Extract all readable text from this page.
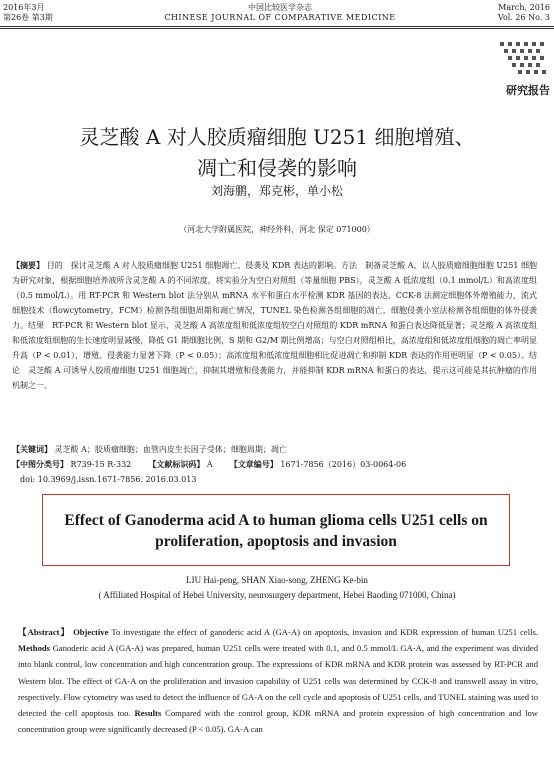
2016年3月
第26卷 第3期
中国比较医学杂志
CHINESE JOURNAL OF COMPARATIVE MEDICINE
March, 2016
Vol. 26 No. 3
研究报告
灵芝酸 A 对人胶质瘤细胞 U251 细胞增殖、
凋亡和侵袭的影响
刘海鹏，郑克彬，单小松
（河北大学附属医院，神经外科，河北 保定 071000）
【摘要】 目的　探讨灵芝酸 A 对人胶质瘤细胞 U251 细胞凋亡、侵袭及 KDR 表达的影响。方法　制备灵芝酸 A，以人胶质瘤细胞细胞 U251 细胞为研究对象，根据细胞培养液所含灵芝酸 A 的不同浓度，将实验分为空白对照组（等量细胞 PBS），灵芝酸 A 低浓度组（0.1 mmol/L）和高浓度组（0.5 mmol/L）。用 RT-PCR 和 Western blot 法分别从 mRNA 水平和蛋白水平检测 KDR 基因的表达，CCK-8 法测定细胞体外增殖能力，流式细胞技术（flowcytometry，FCM）检测各组细胞周期和凋亡情况，TUNEL 染色检测各组细胞的凋亡，细胞侵袭小室法检测各组细胞的体外侵袭力。结果　RT-PCR 和 Western blot 显示，灵芝酸 A 高浓度组和低浓度组较空白对照组的 KDR mRNA 和蛋白表达降低显著；灵芝酸 A 高浓度组和低浓度组细胞的生长速度明显减慢，降低 G1 期细胞比例，S 期和 G2/M 期比例增高；与空白对照组相比，高浓度组和低浓度组细胞的凋亡率明显升高（P < 0.01），增殖、侵袭能力显著下降（P < 0.05）；高浓度组和低浓度组细胞相比促进凋亡和抑制 KDR 表达的作用更明显（P < 0.05）。结论　灵芝酸 A 可诱导人胶质瘤细胞 U251 细胞凋亡，抑制其增殖和侵袭能力，并能抑制 KDR mRNA 和蛋白的表达，提示这可能是其抗肿瘤的作用机制之一。
【关键词】 灵芝酸 A；胶质瘤细胞；血管内皮生长因子受体；细胞周期；凋亡
【中图分类号】 R739-15 R-332 【文献标识码】 A 【文章编号】 1671-7856（2016）03-0064-06
doi: 10.3969/j.issn.1671-7856. 2016.03.013
Effect of Ganoderma acid A to human glioma cells U251 cells on
proliferation, apoptosis and invasion
LIU Hai-peng, SHAN Xiao-song, ZHENG Ke-bin
( Affiliated Hospital of Hebei University, neurosurgery department, Hebei Baoding 071000, China)
【Abstract】 Objective To investigate the effect of ganoderic acid A (GA-A) on apoptosis, invasion and KDR expression of human U251 cells. Methods Ganoderic acid A (GA-A) was prepared, human U251 cells were treated with 0.1, and 0.5 mmol/L GA-A, and the experiment was divided into blank control, low concentration and high concentration group. The expressions of KDR mRNA and KDR protein was assessed by RT-PCR and Western blot. The effect of GA-A on the proliferation and invasion capability of U251 cells was determined by CCK-8 and transwell assay in vitro, respectively. Flow cytometry was used to detect the influence of GA-A on the cell cycle and apoptosis of U251 cells, and TUNEL staining was used to detected the cell apoptosis too. Results Compared with the control group, KDR mRNA and protein expression of high concentration and low concentration group were significantly decreased (P < 0.05). GA-A can
